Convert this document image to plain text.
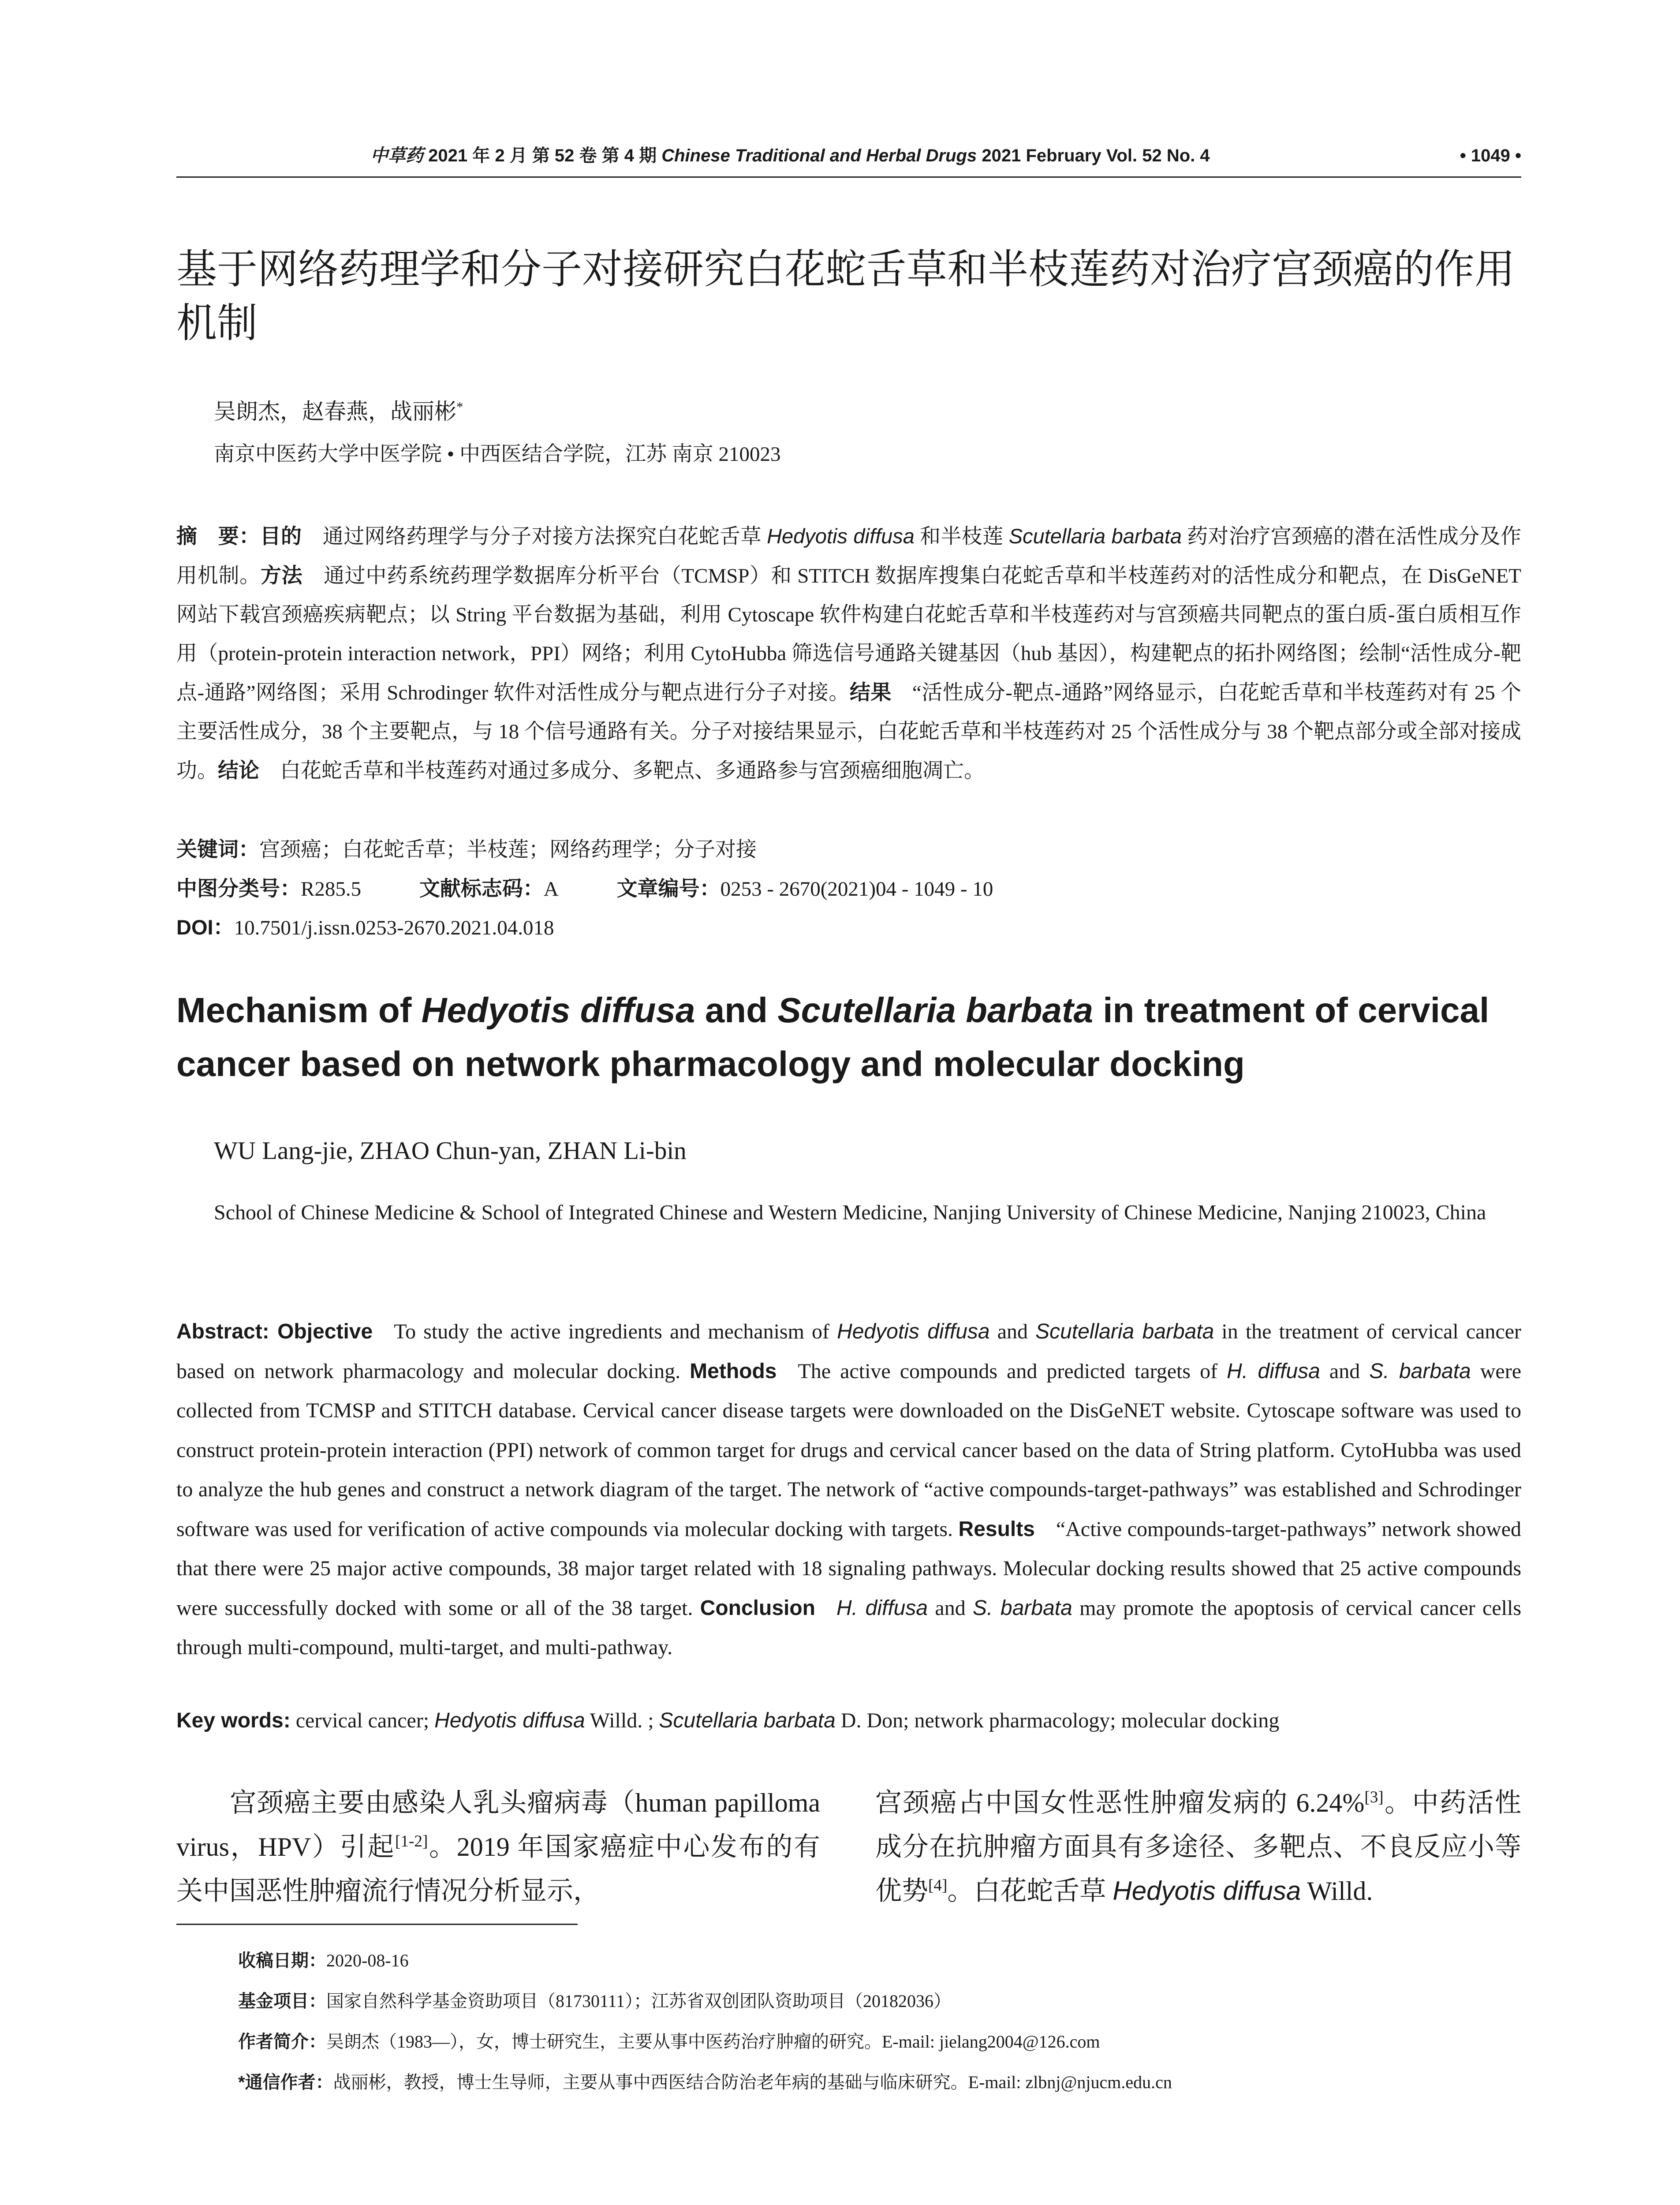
中草药 2021 年 2 月 第 52 卷 第 4 期 Chinese Traditional and Herbal Drugs 2021 February Vol. 52 No. 4	• 1049 •
基于网络药理学和分子对接研究白花蛇舌草和半枝莲药对治疗宫颈癌的作用机制
吴朗杰，赵春燕，战丽彬*
南京中医药大学中医学院 • 中西医结合学院，江苏 南京 210023
摘　要：目的  通过网络药理学与分子对接方法探究白花蛇舌草 Hedyotis diffusa 和半枝莲 Scutellaria barbata 药对治疗宫颈癌的潜在活性成分及作用机制。方法  通过中药系统药理学数据库分析平台（TCMSP）和 STITCH 数据库搜集白花蛇舌草和半枝莲药对的活性成分和靶点，在 DisGeNET 网站下载宫颈癌疾病靶点；以 String 平台数据为基础，利用 Cytoscape 软件构建白花蛇舌草和半枝莲药对与宫颈癌共同靶点的蛋白质-蛋白质相互作用（protein-protein interaction network，PPI）网络；利用 CytoHubba 筛选信号通路关键基因（hub 基因），构建靶点的拓扑网络图；绘制“活性成分-靶点-通路”网络图；采用 Schrodinger 软件对活性成分与靶点进行分子对接。结果  “活性成分-靶点-通路”网络显示，白花蛇舌草和半枝莲药对有 25 个主要活性成分，38 个主要靶点，与 18 个信号通路有关。分子对接结果显示，白花蛇舌草和半枝莲药对 25 个活性成分与 38 个靶点部分或全部对接成功。结论  白花蛇舌草和半枝莲药对通过多成分、多靶点、多通路参与宫颈癌细胞凋亡。
关键词：宫颈癌；白花蛇舌草；半枝莲；网络药理学；分子对接
中图分类号：R285.5	文献标志码：A	文章编号：0253 - 2670(2021)04 - 1049 - 10
DOI：10.7501/j.issn.0253-2670.2021.04.018
Mechanism of Hedyotis diffusa and Scutellaria barbata in treatment of cervical cancer based on network pharmacology and molecular docking
WU Lang-jie, ZHAO Chun-yan, ZHAN Li-bin
School of Chinese Medicine & School of Integrated Chinese and Western Medicine, Nanjing University of Chinese Medicine, Nanjing 210023, China
Abstract: Objective  To study the active ingredients and mechanism of Hedyotis diffusa and Scutellaria barbata in the treatment of cervical cancer based on network pharmacology and molecular docking. Methods  The active compounds and predicted targets of H. diffusa and S. barbata were collected from TCMSP and STITCH database. Cervical cancer disease targets were downloaded on the DisGeNET website. Cytoscape software was used to construct protein-protein interaction (PPI) network of common target for drugs and cervical cancer based on the data of String platform. CytoHubba was used to analyze the hub genes and construct a network diagram of the target. The network of “active compounds-target-pathways” was established and Schrodinger software was used for verification of active compounds via molecular docking with targets. Results  “Active compounds-target-pathways” network showed that there were 25 major active compounds, 38 major target related with 18 signaling pathways. Molecular docking results showed that 25 active compounds were successfully docked with some or all of the 38 target. Conclusion  H. diffusa and S. barbata may promote the apoptosis of cervical cancer cells through multi-compound, multi-target, and multi-pathway.
Key words: cervical cancer; Hedyotis diffusa Willd. ; Scutellaria barbata D. Don; network pharmacology; molecular docking
宫颈癌主要由感染人乳头瘤病毒（human papilloma virus，HPV）引起[1-2]。2019 年国家癌症中心发布的有关中国恶性肿瘤流行情况分析显示，
宫颈癌占中国女性恶性肿瘤发病的 6.24%[3]。中药活性成分在抗肿瘤方面具有多途径、多靶点、不良反应小等优势[4]。白花蛇舌草 Hedyotis diffusa Willd.
收稿日期：2020-08-16
基金项目：国家自然科学基金资助项目（81730111）；江苏省双创团队资助项目（20182036）
作者简介：吴朗杰（1983—），女，博士研究生，主要从事中医药治疗肿瘤的研究。E-mail: jielang2004@126.com
*通信作者：战丽彬，教授，博士生导师，主要从事中西医结合防治老年病的基础与临床研究。E-mail: zlbnj@njucm.edu.cn
